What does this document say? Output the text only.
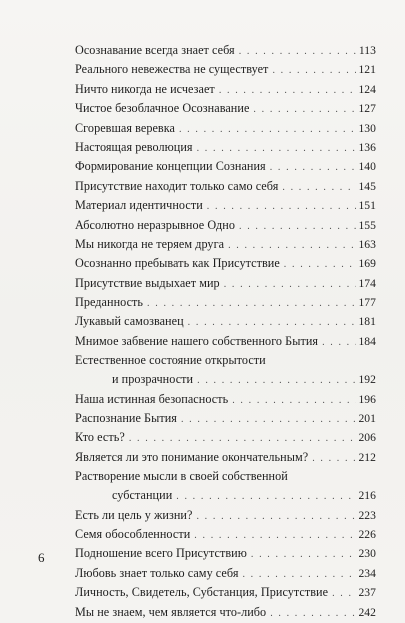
Осознавание всегда знает себя . . .	113
Реального невежества не существует . . .	121
Ничто никогда не исчезает . . .	124
Чистое безоблачное Осознавание . . .	127
Сгоревшая веревка . . .	130
Настоящая революция . . .	136
Формирование концепции Сознания . . .	140
Присутствие находит только само себя . . .	145
Материал идентичности . . .	151
Абсолютно неразрывное Одно . . .	155
Мы никогда не теряем друга . . .	163
Осознанно пребывать как Присутствие . . .	169
Присутствие выдыхает мир . . .	174
Преданность . . .	177
Лукавый самозванец . . .	181
Мнимое забвение нашего собственного Бытия . . .	184
Естественное состояние открытости
и прозрачности . . .	192
Наша истинная безопасность . . .	196
Распознание Бытия . . .	201
Кто есть? . . .	206
Является ли это понимание окончательным? . . .	212
Растворение мысли в своей собственной
субстанции . . .	216
Есть ли цель у жизни? . . .	223
Семя обособленности . . .	226
Подношение всего Присутствию . . .	230
Любовь знает только саму себя . . .	234
Личность, Свидетель, Субстанция, Присутствие . . .	237
Мы не знаем, чем является что-либо . . .	242
6
